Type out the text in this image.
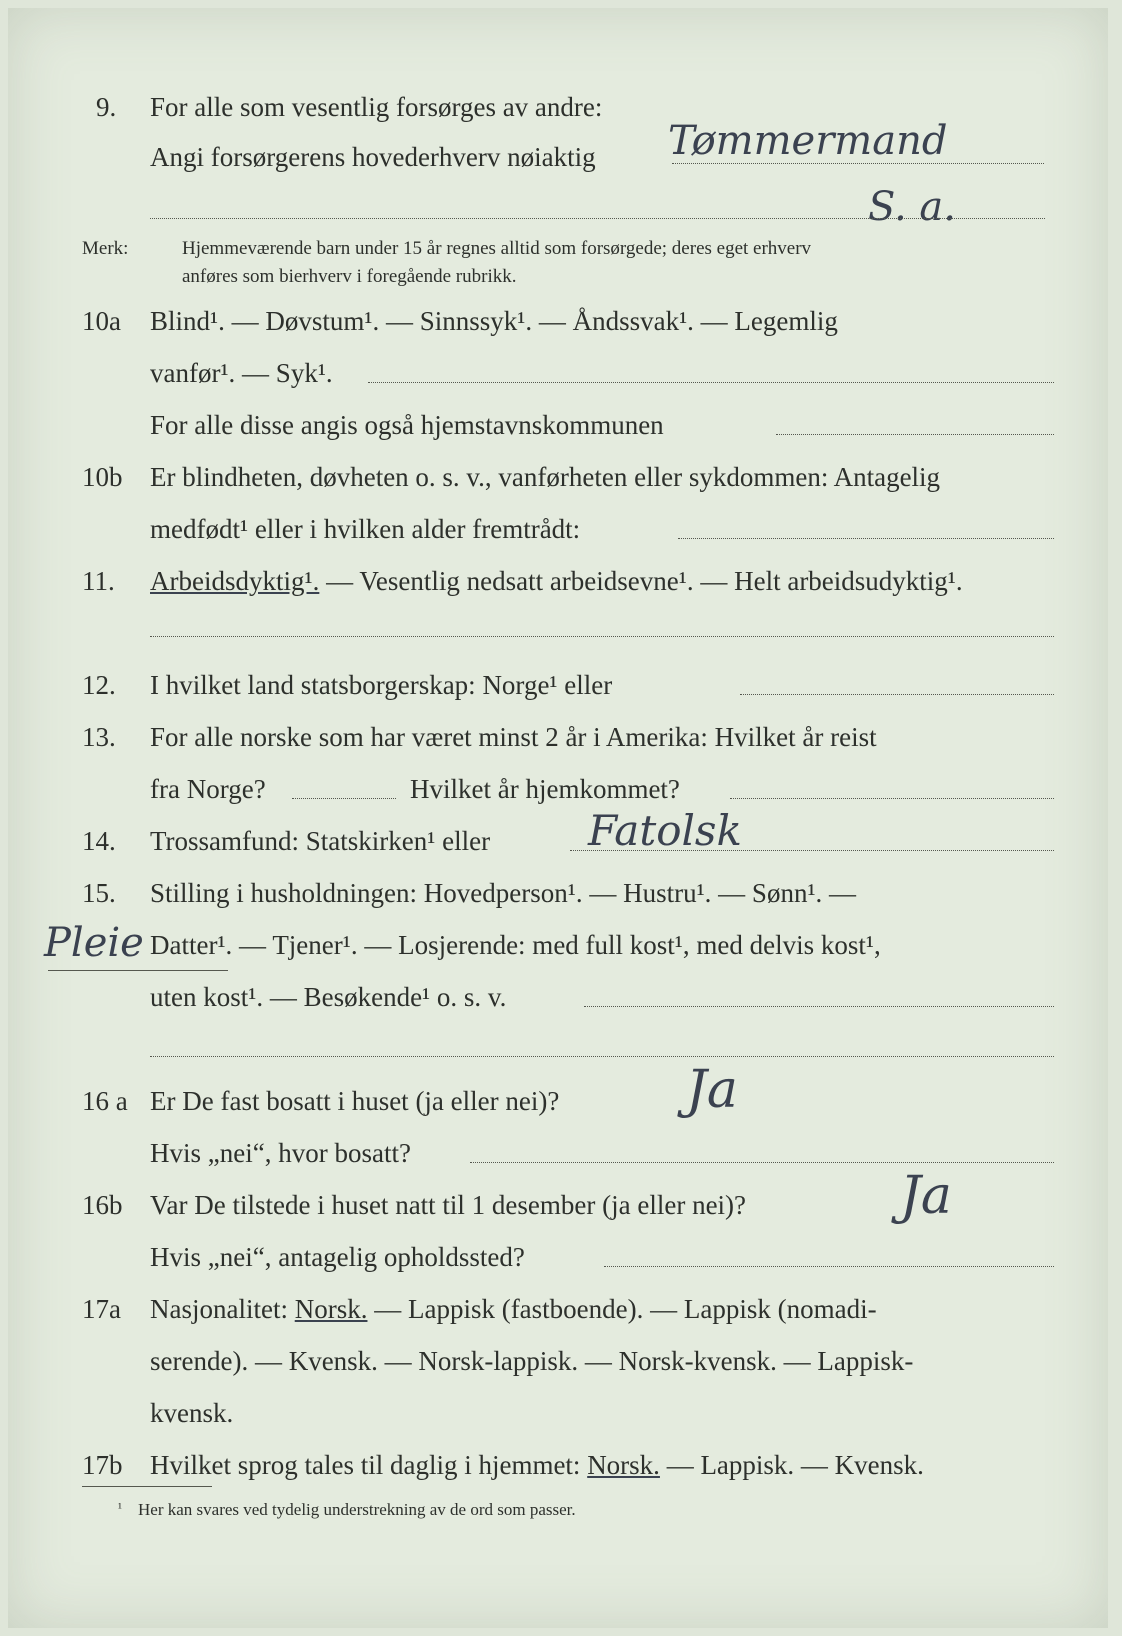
9. For alle som vesentlig forsørges av andre:
Angi forsørgerens hovederhverv nøiaktig Tømmermand
S. a.
Merk:	Hjemmeværende barn under 15 år regnes alltid som forsørgede; deres eget erhverv
anføres som bierhverv i foregående rubrikk.
10a Blind¹. — Døvstum¹. — Sinnssyk¹. — Åndssvak¹. — Legemlig
vanfør¹. — Syk¹.
For alle disse angis også hjemstavnskommunen
10b Er blindheten, døvheten o. s. v., vanførheten eller sykdommen: Antagelig
medfødt¹ eller i hvilken alder fremtrådt:
11. Arbeidsdyktig¹. — Vesentlig nedsatt arbeidsevne¹. — Helt arbeidsudyktig¹.
12. I hvilket land statsborgerskap: Norge¹ eller
13. For alle norske som har været minst 2 år i Amerika: Hvilket år reist
fra Norge?	Hvilket år hjemkommet?
14. Trossamfund: Statskirken¹ eller Fatolsk
15. Stilling i husholdningen: Hovedperson¹. — Hustru¹. — Sønn¹. —
Pleie Datter¹. — Tjener¹. — Losjerende: med full kost¹, med delvis kost¹,
uten kost¹. — Besøkende¹ o. s. v.
16 a Er De fast bosatt i huset (ja eller nei)? Ja
Hvis „nei“, hvor bosatt?
16b Var De tilstede i huset natt til 1 desember (ja eller nei)?	Ja
Hvis „nei“, antagelig opholdssted?
17a Nasjonalitet: Norsk. — Lappisk (fastboende). — Lappisk (nomadi-
serende). — Kvensk. — Norsk-lappisk. — Norsk-kvensk. — Lappisk-
kvensk.
17b Hvilket sprog tales til daglig i hjemmet: Norsk. — Lappisk. — Kvensk.
¹ Her kan svares ved tydelig understrekning av de ord som passer.
